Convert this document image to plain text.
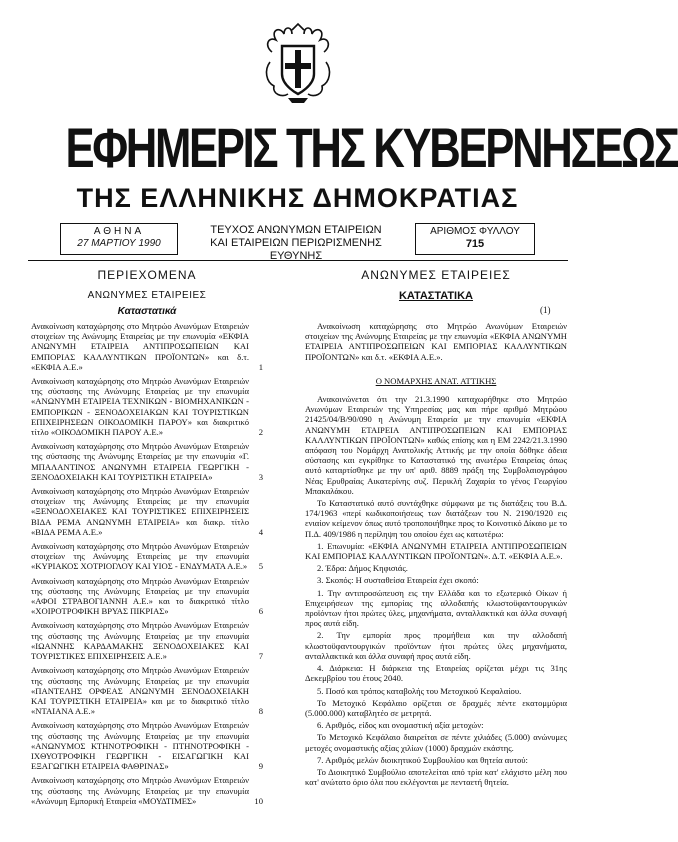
ΕΦΗΜΕΡΙΣ ΤΗΣ ΚΥΒΕΡΝΗΣΕΩΣ
ΤΗΣ ΕΛΛΗΝΙΚΗΣ ΔΗΜΟΚΡΑΤΙΑΣ
ΑΘΗΝΑ
27 ΜΑΡΤΙΟΥ 1990
ΤΕΥΧΟΣ ΑΝΩΝΥΜΩΝ ΕΤΑΙΡΕΙΩΝ
ΚΑΙ ΕΤΑΙΡΕΙΩΝ ΠΕΡΙΩΡΙΣΜΕΝΗΣ ΕΥΘΥΝΗΣ
ΑΡΙΘΜΟΣ ΦΥΛΛΟΥ
715
ΠΕΡΙΕΧΟΜΕΝΑ
ΑΝΩΝΥΜΕΣ ΕΤΑΙΡΕΙΕΣ
Καταστατικά
ΑΝΩΝΥΜΕΣ ΕΤΑΙΡΕΙΕΣ
ΚΑΤΑΣΤΑΤΙΚΑ
(1)
Ανακοίνωση καταχώρησης στο Μητρώο Ανωνύμων Εταιρειών στοιχείων της Ανώνυμης Εταιρείας με την επωνυμία «ΕΚΦΙΑ ΑΝΩΝΥΜΗ ΕΤΑΙΡΕΙΑ ΑΝΤΙΠΡΟΣΩΠΕΙΩΝ ΚΑΙ ΕΜΠΟΡΙΑΣ ΚΑΛΛΥΝΤΙΚΩΝ ΠΡΟΪΟΝΤΩΝ» και δ.τ. «ΕΚΦΙΑ Α.Ε.»	1
Ανακοίνωση καταχώρησης στο Μητρώο Ανωνύμων Εταιρειών της σύστασης της Ανώνυμης Εταιρείας με την επωνυμία «ΑΝΩΝΥΜΗ ΕΤΑΙΡΕΙΑ ΤΕΧΝΙΚΩΝ - ΒΙΟΜΗΧΑΝΙΚΩΝ - ΕΜΠΟΡΙΚΩΝ - ΞΕΝΟΔΟΧΕΙΑΚΩΝ ΚΑΙ ΤΟΥΡΙΣΤΙΚΩΝ ΕΠΙΧΕΙΡΗΣΕΩΝ ΟΙΚΟΔΟΜΙΚΗ ΠΑΡΟΥ» και διακριτικό τίτλο «ΟΙΚΟΔΟΜΙΚΗ ΠΑΡΟΥ Α.Ε.»	2
Ανακοίνωση καταχώρησης στο Μητρώο Ανωνύμων Εταιρειών της σύστασης της Ανώνυμης Εταιρείας με την επωνυμία «Γ. ΜΠΑΛΑΝΤΙΝΟΣ ΑΝΩΝΥΜΗ ΕΤΑΙΡΕΙΑ ΓΕΩΡΓΙΚΗ - ΞΕΝΟΔΟΧΕΙΑΚΗ ΚΑΙ ΤΟΥΡΙΣΤΙΚΗ ΕΤΑΙΡΕΙΑ»	3
Ανακοίνωση καταχώρησης στο Μητρώο Ανωνύμων Εταιρειών στοιχείων της Ανώνυμης Εταιρείας με την επωνυμία «ΞΕΝΟΔΟΧΕΙΑΚΕΣ ΚΑΙ ΤΟΥΡΙΣΤΙΚΕΣ ΕΠΙΧΕΙΡΗΣΕΙΣ ΒΙΔΑ ΡΕΜΑ ΑΝΩΝΥΜΗ ΕΤΑΙΡΕΙΑ» και διακρ. τίτλο «ΒΙΔΑ ΡΕΜΑ Α.Ε.»	4
Ανακοίνωση καταχώρησης στο Μητρώο Ανωνύμων Εταιρειών στοιχείων της Ανώνυμης Εταιρείας με την επωνυμία «ΚΥΡΙΑΚΟΣ ΧΟΤΡΙΟΓΛΟΥ ΚΑΙ ΥΙΟΣ - ΕΝΔΥΜΑΤΑ Α.Ε.» 5
Ανακοίνωση καταχώρησης στο Μητρώο Ανωνύμων Εταιρειών της σύστασης της Ανώνυμης Εταιρείας με την επωνυμία «ΑΦΟΙ ΣΤΡΑΒΟΓΙΑΝΝΗ Α.Ε.» και το διακριτικό τίτλο «ΧΟΙΡΟΤΡΟΦΙΚΗ ΒΡΥΑΣ ΠΙΚΡΙΑΣ»	6
Ανακοίνωση καταχώρησης στο Μητρώο Ανωνύμων Εταιρειών της σύστασης της Ανώνυμης Εταιρείας με την επωνυμία «ΙΩΑΝΝΗΣ ΚΑΡΔΑΜΑΚΗΣ ΞΕΝΟΔΟΧΕΙΑΚΕΣ ΚΑΙ ΤΟΥΡΙΣΤΙΚΕΣ ΕΠΙΧΕΙΡΗΣΕΙΣ Α.Ε.»	7
Ανακοίνωση καταχώρησης στο Μητρώο Ανωνύμων Εταιρειών της σύστασης της Ανώνυμης Εταιρείας με την επωνυμία «ΠΑΝΤΕΛΗΣ ΟΡΦΕΑΣ ΑΝΩΝΥΜΗ ΞΕΝΟΔΟΧΕΙΑΚΗ ΚΑΙ ΤΟΥΡΙΣΤΙΚΗ ΕΤΑΙΡΕΙΑ» και με το διακριτικό τίτλο «ΝΤΑΙΑΝΑ Α.Ε.»	8
Ανακοίνωση καταχώρησης στο Μητρώο Ανωνύμων Εταιρειών της σύστασης της Ανώνυμης Εταιρείας με την επωνυμία «ΑΝΩΝΥΜΟΣ ΚΤΗΝΟΤΡΟΦΙΚΗ - ΠΤΗΝΟΤΡΟΦΙΚΗ - ΙΧΘΥΟΤΡΟΦΙΚΗ ΓΕΩΡΓΙΚΗ - ΕΙΣΑΓΩΓΙΚΗ ΚΑΙ ΕΞΑΓΩΓΙΚΗ ΕΤΑΙΡΕΙΑ ΦΑΘΡΙΝΑΣ»	9
Ανακοίνωση καταχώρησης στο Μητρώο Ανωνύμων Εταιρειών της σύστασης της Ανώνυμης Εταιρείας με την επωνυμία «Ανώνυμη Εμπορική Εταιρεία «ΜΟΥΔΤΙΜΕΣ»	10

Ανακοίνωση καταχώρησης στο Μητρώο Ανωνύμων Εταιρειών στοιχείων της Ανώνυμης Εταιρείας με την επωνυμία «ΕΚΦΙΑ ΑΝΩΝΥΜΗ ΕΤΑΙΡΕΙΑ ΑΝΤΙΠΡΟΣΩΠΕΙΩΝ ΚΑΙ ΕΜΠΟΡΙΑΣ ΚΑΛΛΥΝΤΙΚΩΝ ΠΡΟΪΟΝΤΩΝ» και δ.τ. «ΕΚΦΙΑ Α.Ε.».

Ο ΝΟΜΑΡΧΗΣ ΑΝΑΤ. ΑΤΤΙΚΗΣ

Ανακοινώνεται ότι την 21.3.1990 καταχωρήθηκε στο Μητρώο Ανωνύμων Εταιρειών της Υπηρεσίας μας και πήρε αριθμό Μητρώου 21425/04/Β/90/090 η Ανώνυμη Εταιρεία με την επωνυμία «ΕΚΦΙΑ ΑΝΩΝΥΜΗ ΕΤΑΙΡΕΙΑ ΑΝΤΙΠΡΟΣΩΠΕΙΩΝ ΚΑΙ ΕΜΠΟΡΙΑΣ ΚΑΛΛΥΝΤΙΚΩΝ ΠΡΟΪΟΝΤΩΝ» καθώς επίσης και η ΕΜ 2242/21.3.1990 απόφαση του Νομάρχη Ανατολικής Αττικής με την οποία δόθηκε άδεια σύστασης και εγκρίθηκε το Καταστατικό της ανωτέρω Εταιρείας όπως αυτό καταρτίσθηκε με την υπ' αριθ. 8889 πράξη της Συμβολαιογράφου Νέας Ερυθραίας Αικατερίνης συζ. Περικλή Ζαχαρία το γένος Γεωργίου Μπακαλάκου.

Το Καταστατικό αυτό συντάχθηκε σύμφωνα με τις διατάξεις του Β.Δ. 174/1963 «περί κωδικοποιήσεως των διατάξεων του Ν. 2190/1920 εις ενιαίον κείμενον όπως αυτό τροποποιήθηκε προς το Κοινοτικό Δίκαιο με το Π.Δ. 409/1986 η περίληψη του οποίου έχει ως κατωτέρω:

1. Επωνυμία: «ΕΚΦΙΑ ΑΝΩΝΥΜΗ ΕΤΑΙΡΕΙΑ ΑΝΤΙΠΡΟΣΩΠΕΙΩΝ ΚΑΙ ΕΜΠΟΡΙΑΣ ΚΑΛΛΥΝΤΙΚΩΝ ΠΡΟΪΟΝΤΩΝ». Δ.Τ. «ΕΚΦΙΑ Α.Ε.».

2. Έδρα: Δήμος Κηφισιάς.

3. Σκοπός: Η συσταθείσα Εταιρεία έχει σκοπό:

1. Την αντιπροσώπευση εις την Ελλάδα και το εξωτερικό Οίκων ή Επιχειρήσεων της εμπορίας της αλλοδαπής κλωστοϋφαντουργικών προϊόντων ήτοι πρώτες ύλες, μηχανήματα, ανταλλακτικά και άλλα συναφή προς αυτά είδη.

2. Την εμπορία προς προμήθεια και την αλλοδαπή κλωστοϋφαντουργικών προϊόντων ήτοι πρώτες ύλες μηχανήματα, ανταλλακτικά και άλλα συναφή προς αυτά είδη.

4. Διάρκεια: Η διάρκεια της Εταιρείας ορίζεται μέχρι τις 31ης Δεκεμβρίου του έτους 2040.

5. Ποσό και τρόπος καταβολής του Μετοχικού Κεφαλαίου.

Το Μετοχικό Κεφάλαιο ορίζεται σε δραχμές πέντε εκατομμύρια (5.000.000) καταβλητέο σε μετρητά.

6. Αριθμός, είδος και ονομαστική αξία μετοχών:

Το Μετοχικό Κεφάλαιο διαιρείται σε πέντε χιλιάδες (5.000) ανώνυμες μετοχές ονομαστικής αξίας χιλίων (1000) δραχμών εκάστης.

7. Αριθμός μελών διοικητικού Συμβουλίου και θητεία αυτού:

Το Διοικητικό Συμβούλιο αποτελείται από τρία κατ' ελάχιστο μέλη που κατ' ανώτατο όριο όλα που εκλέγονται με πενταετή θητεία.
